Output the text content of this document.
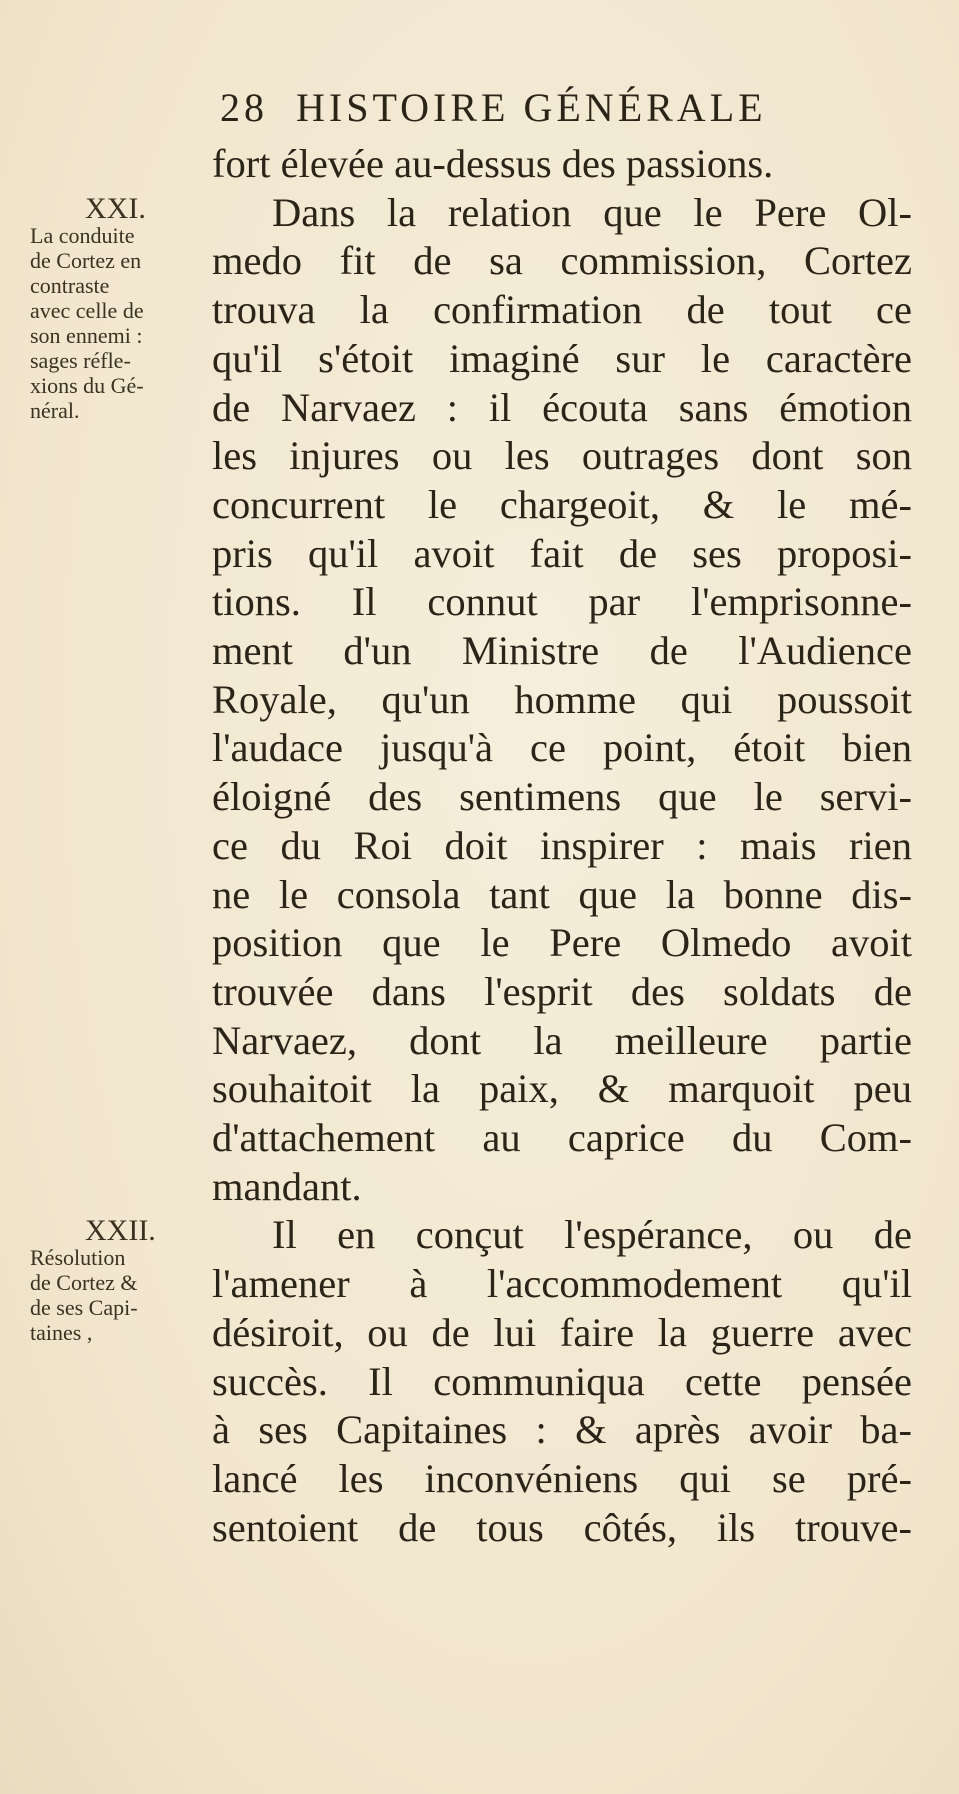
28 HISTOIRE GÉNÉRALE
XXI.
La conduite
de Cortez en
contraste
avec celle de
son ennemi :
sages réfle-
xions du Gé-
néral.
XXII.
Résolution
de Cortez &
de ses Capi-
taines ,
fort élevée au-dessus des passions.
Dans la relation que le Pere Ol-
medo fit de sa commission, Cortez
trouva la confirmation de tout ce
qu'il s'étoit imaginé sur le caractère
de Narvaez : il écouta sans émotion
les injures ou les outrages dont son
concurrent le chargeoit, & le mé-
pris qu'il avoit fait de ses proposi-
tions. Il connut par l'emprisonne-
ment d'un Ministre de l'Audience
Royale, qu'un homme qui poussoit
l'audace jusqu'à ce point, étoit bien
éloigné des sentimens que le servi-
ce du Roi doit inspirer : mais rien
ne le consola tant que la bonne dis-
position que le Pere Olmedo avoit
trouvée dans l'esprit des soldats de
Narvaez, dont la meilleure partie
souhaitoit la paix, & marquoit peu
d'attachement au caprice du Com-
mandant.
Il en conçut l'espérance, ou de
l'amener à l'accommodement qu'il
désiroit, ou de lui faire la guerre avec
succès. Il communiqua cette pensée
à ses Capitaines : & après avoir ba-
lancé les inconvéniens qui se pré-
sentoient de tous côtés, ils trouve-
